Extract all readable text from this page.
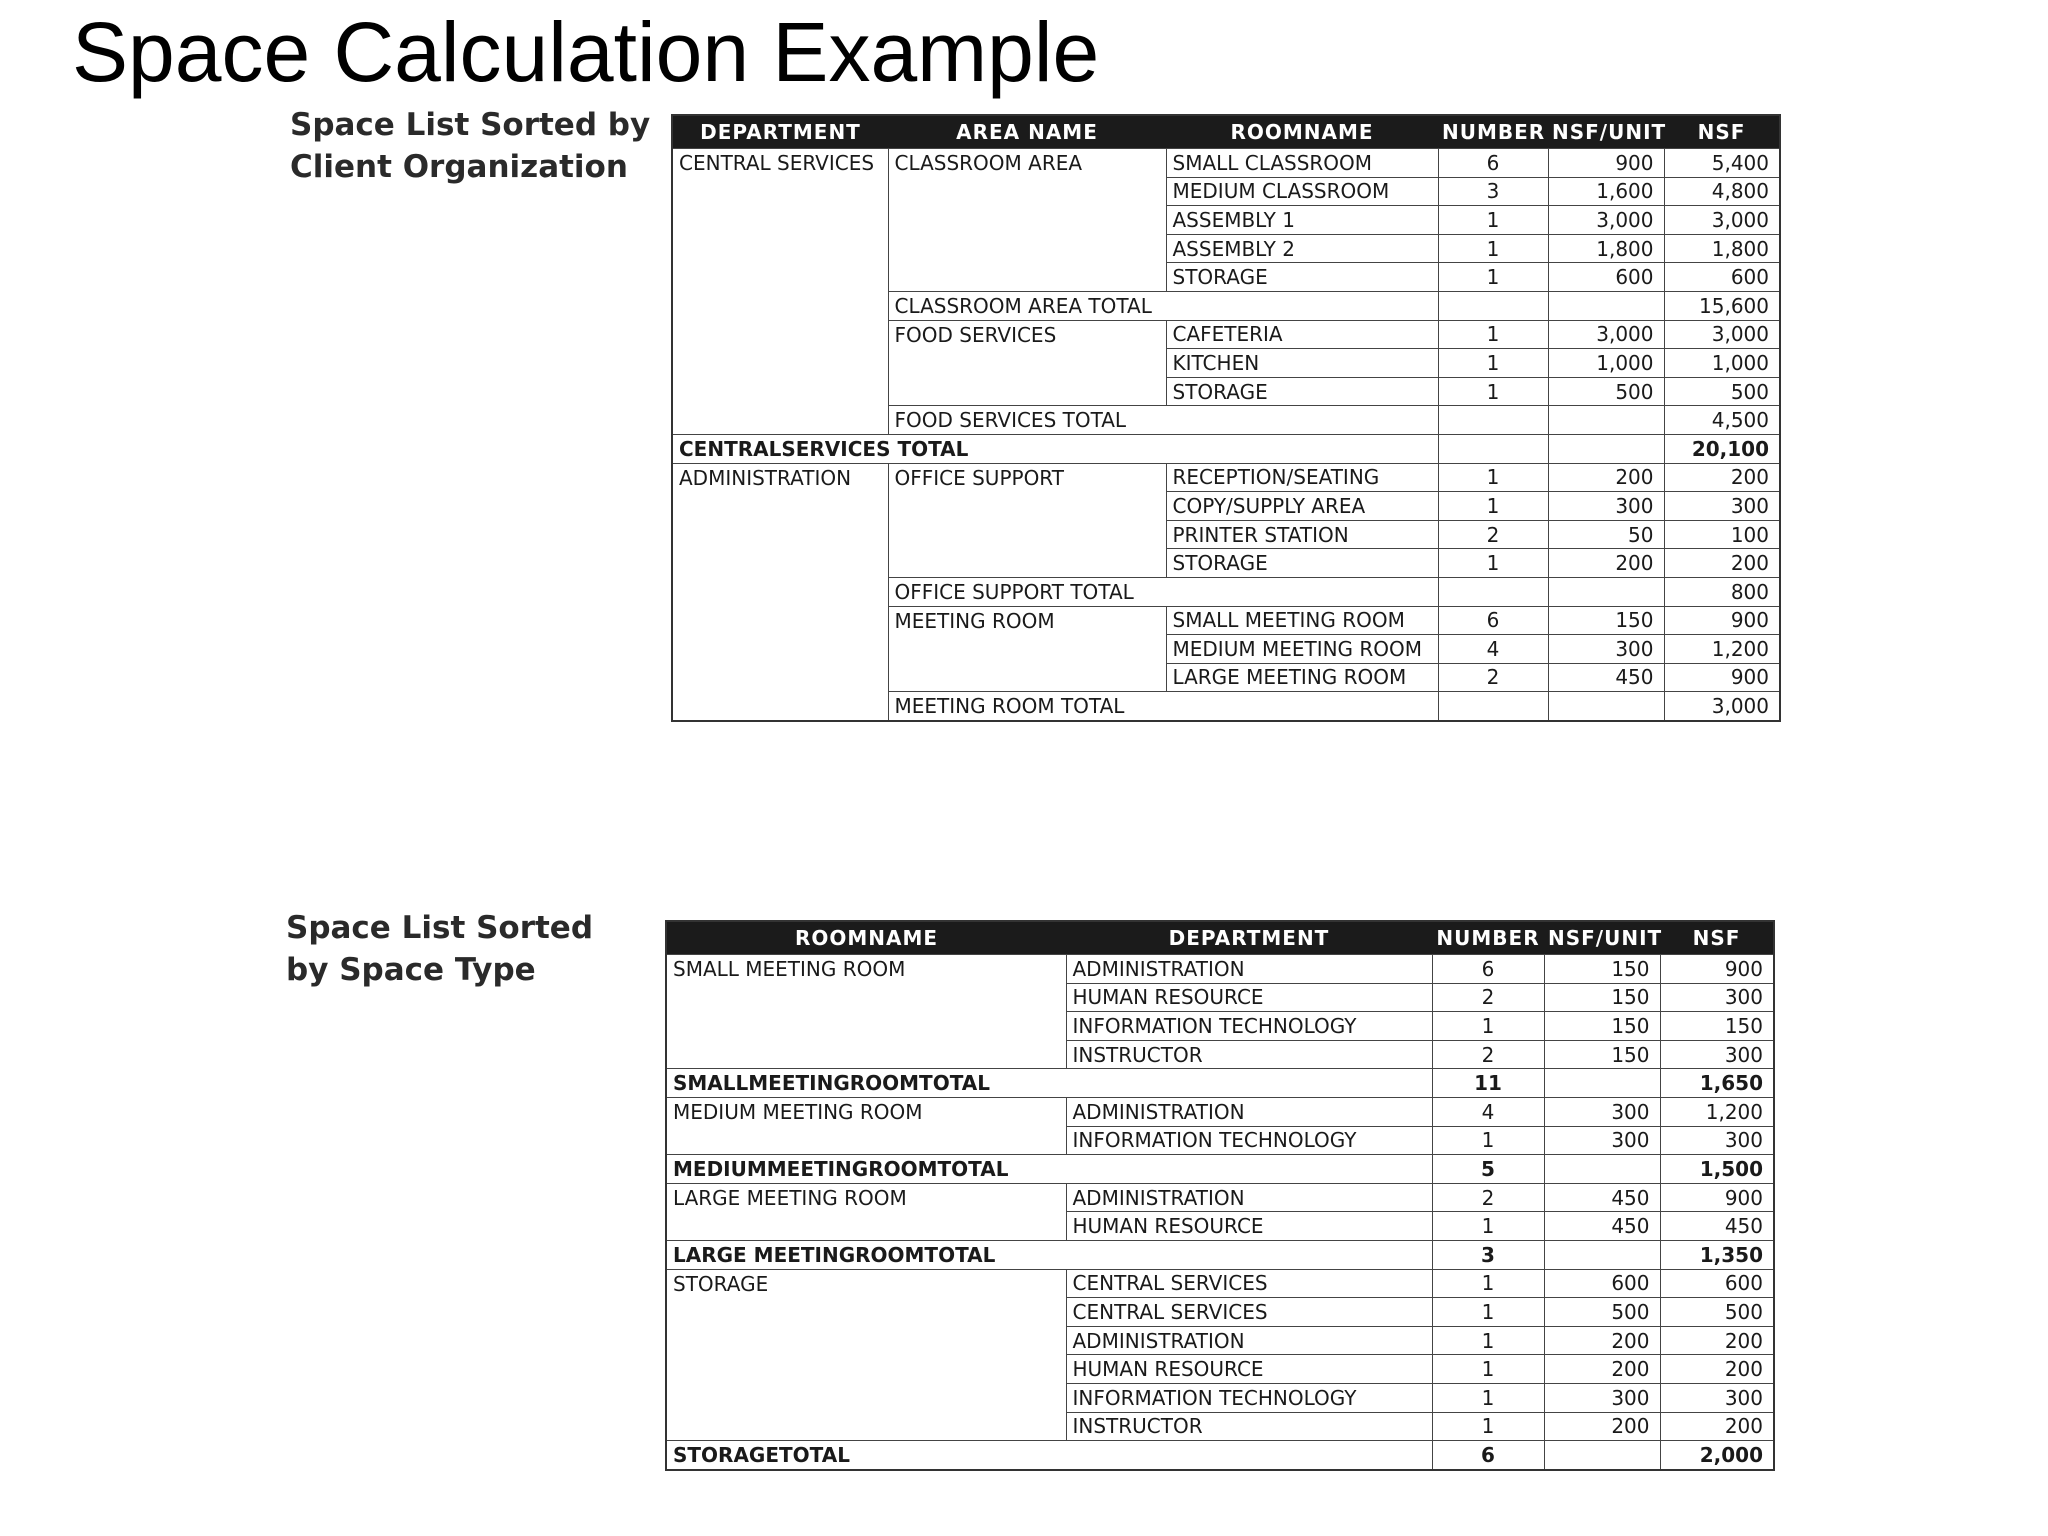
Space Calculation Example
Space List Sorted by
Client Organization
DEPARTMENT	AREA NAME	ROOMNAME	NUMBER	NSF/UNIT	NSF
CENTRAL SERVICES	CLASSROOM AREA	SMALL CLASSROOM	6	900	5,400
		MEDIUM CLASSROOM	3	1,600	4,800
		ASSEMBLY 1	1	3,000	3,000
		ASSEMBLY 2	1	1,800	1,800
		STORAGE	1	600	600
	CLASSROOM AREA TOTAL				15,600
	FOOD SERVICES	CAFETERIA	1	3,000	3,000
		KITCHEN	1	1,000	1,000
		STORAGE	1	500	500
	FOOD SERVICES TOTAL				4,500
CENTRALSERVICES TOTAL					20,100
ADMINISTRATION	OFFICE SUPPORT	RECEPTION/SEATING	1	200	200
		COPY/SUPPLY AREA	1	300	300
		PRINTER STATION	2	50	100
		STORAGE	1	200	200
	OFFICE SUPPORT TOTAL				800
	MEETING ROOM	SMALL MEETING ROOM	6	150	900
		MEDIUM MEETING ROOM	4	300	1,200
		LARGE MEETING ROOM	2	450	900
	MEETING ROOM TOTAL				3,000
Space List Sorted
by Space Type
ROOMNAME	DEPARTMENT	NUMBER	NSF/UNIT	NSF
SMALL MEETING ROOM	ADMINISTRATION	6	150	900
	HUMAN RESOURCE	2	150	300
	INFORMATION TECHNOLOGY	1	150	150
	INSTRUCTOR	2	150	300
SMALLMEETINGROOMTOTAL		11		1,650
MEDIUM MEETING ROOM	ADMINISTRATION	4	300	1,200
	INFORMATION TECHNOLOGY	1	300	300
MEDIUMMEETINGROOMTOTAL		5		1,500
LARGE MEETING ROOM	ADMINISTRATION	2	450	900
	HUMAN RESOURCE	1	450	450
LARGE MEETINGROOMTOTAL		3		1,350
STORAGE	CENTRAL SERVICES	1	600	600
	CENTRAL SERVICES	1	500	500
	ADMINISTRATION	1	200	200
	HUMAN RESOURCE	1	200	200
	INFORMATION TECHNOLOGY	1	300	300
	INSTRUCTOR	1	200	200
STORAGETOTAL		6		2,000
